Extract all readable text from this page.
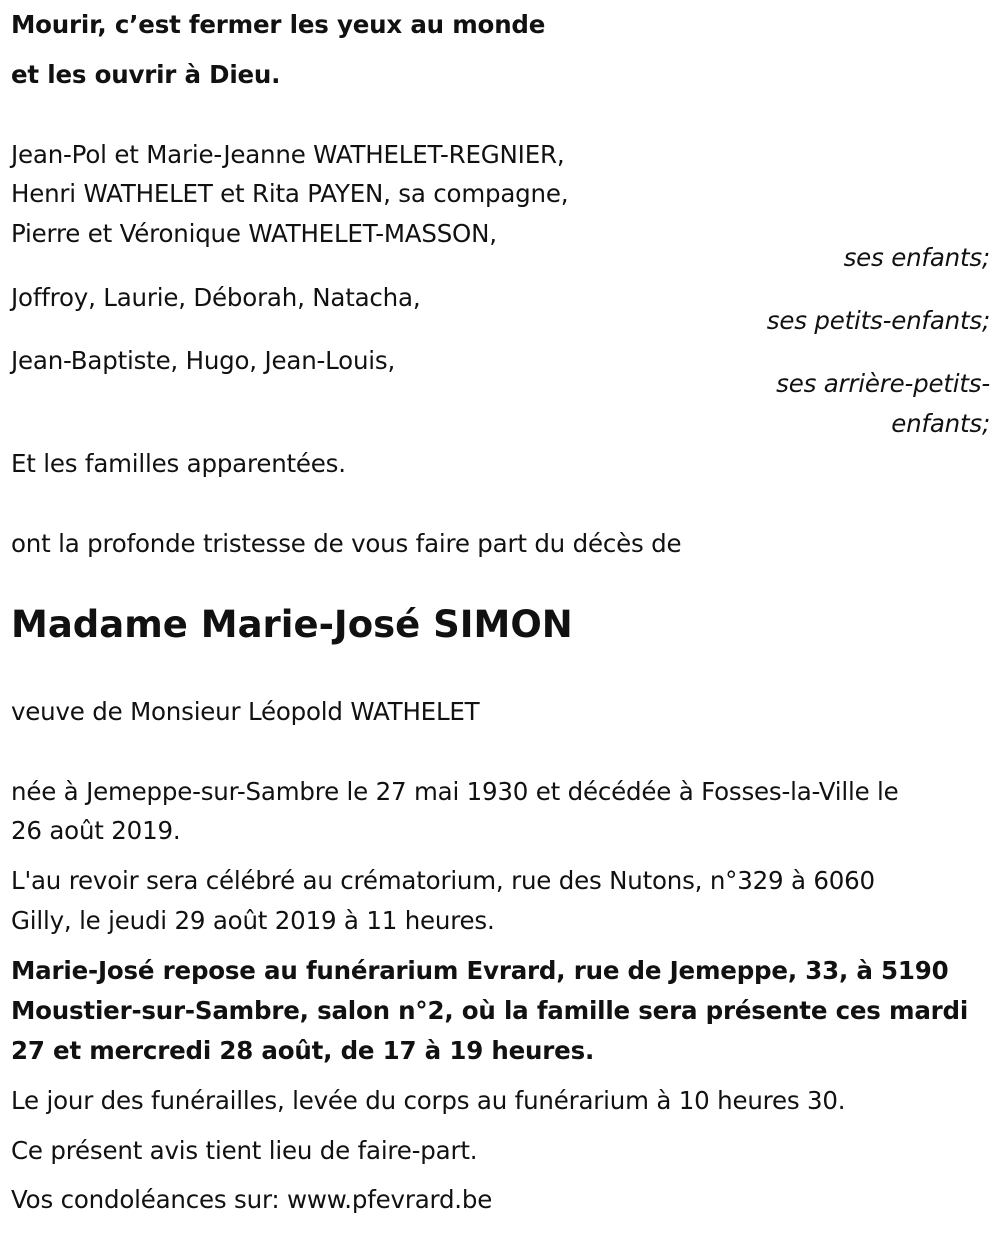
Mourir, c’est fermer les yeux au monde

et les ouvrir à Dieu.

Jean-Pol et Marie-Jeanne WATHELET-REGNIER,

Henri WATHELET et Rita PAYEN, sa compagne,

Pierre et Véronique WATHELET-MASSON,

ses enfants;

Joffroy, Laurie, Déborah, Natacha,

ses petits-enfants;

Jean-Baptiste, Hugo, Jean-Louis,

ses arrière-petits-

enfants;

Et les familles apparentées.

ont la profonde tristesse de vous faire part du décès de

Madame Marie-José SIMON

veuve de Monsieur Léopold WATHELET

née à Jemeppe-sur-Sambre le 27 mai 1930 et décédée à Fosses-la-Ville le

26 août 2019.

L'au revoir sera célébré au crématorium, rue des Nutons, n°329 à 6060

Gilly, le jeudi 29 août 2019 à 11 heures.

Marie-José repose au funérarium Evrard, rue de Jemeppe, 33, à 5190

Moustier-sur-Sambre, salon n°2, où la famille sera présente ces mardi

27 et mercredi 28 août, de 17 à 19 heures.

Le jour des funérailles, levée du corps au funérarium à 10 heures 30.

Ce présent avis tient lieu de faire-part.

Vos condoléances sur: www.pfevrard.be
